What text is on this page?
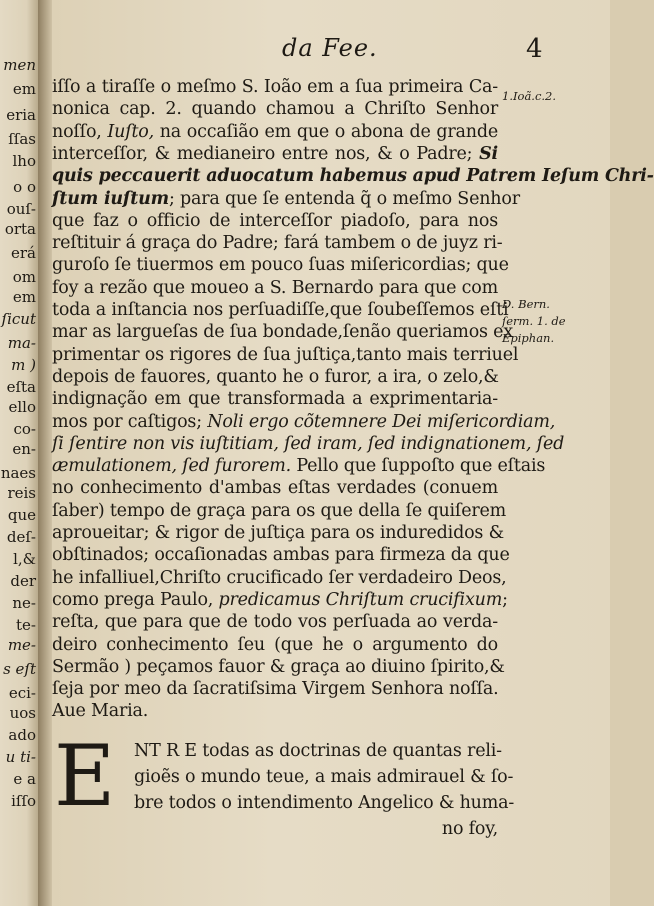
men
em
eria
ſſas
lho
o o
ouſ-
orta
erá
om
em
ſicut
ma-
m )
eſta
ello
co-
en-
naes
reis
que
deſ-
l,&
der
ne-
te-
me-
s eſt
eci-
uos
ado
u ti-
e a
iſſo
da Fee.	4
iſſo a tiraſſe o meſmo S. Ioão em a ſua primeira Ca-
nonica cap. 2. quando chamou a Chriſto Senhor
noſſo, Iuſto, na occaſião em que o abona de grande
interceſſor, & medianeiro entre nos, & o Padre; Si
quis peccauerit aduocatum habemus apud Patrem Ieſum Chri-
ſtum iuſtum; para que ſe entenda q̃ o meſmo Senhor
que faz o officio de interceſſor piadoſo, para nos
reſtituir á graça do Padre; fará tambem o de juyz ri-
guroſo ſe tiuermos em pouco ſuas miſericordias; que
foy a rezão que moueo a S. Bernardo para que com
toda a inſtancia nos perſuadiſſe,que ſoubeſſemos eſti
mar as largueſas de ſua bondade,ſenão queriamos ex
primentar os rigores de ſua juſtiça,tanto mais terriuel
depois de fauores, quanto he o furor, a ira, o zelo,&
indignação em que transformada a exprimentaria-
mos por caſtigos; Noli ergo cõtemnere Dei miſericordiam,
ſi ſentire non vis iuſtitiam, ſed iram, ſed indignationem, ſed
æmulationem, ſed furorem. Pello que ſuppoſto que eſtais
no conhecimento d'ambas eſtas verdades (conuem
ſaber) tempo de graça para os que della ſe quiſerem
aproueitar; & rigor de juſtiça para os induredidos &
obſtinados; occaſionadas ambas para firmeza da que
he infalliuel,Chriſto crucificado ſer verdadeiro Deos,
como prega Paulo, predicamus Chriſtum crucifixum;
reſta, que para que de todo vos perſuada ao verda-
deiro conhecimento ſeu (que he o argumento do
Sermão ) peçamos fauor & graça ao diuino ſpirito,&
ſeja por meo da ſacratiſsima Virgem Senhora noſſa.
Aue Maria.
1.Ioã.c.2.
D. Bern.
ſerm. 1. de
Epiphan.
E NT R E todas as doctrinas de quantas reli-
gioẽs o mundo teue, a mais admirauel & ſo-
bre todos o intendimento Angelico & huma-
no foy,
